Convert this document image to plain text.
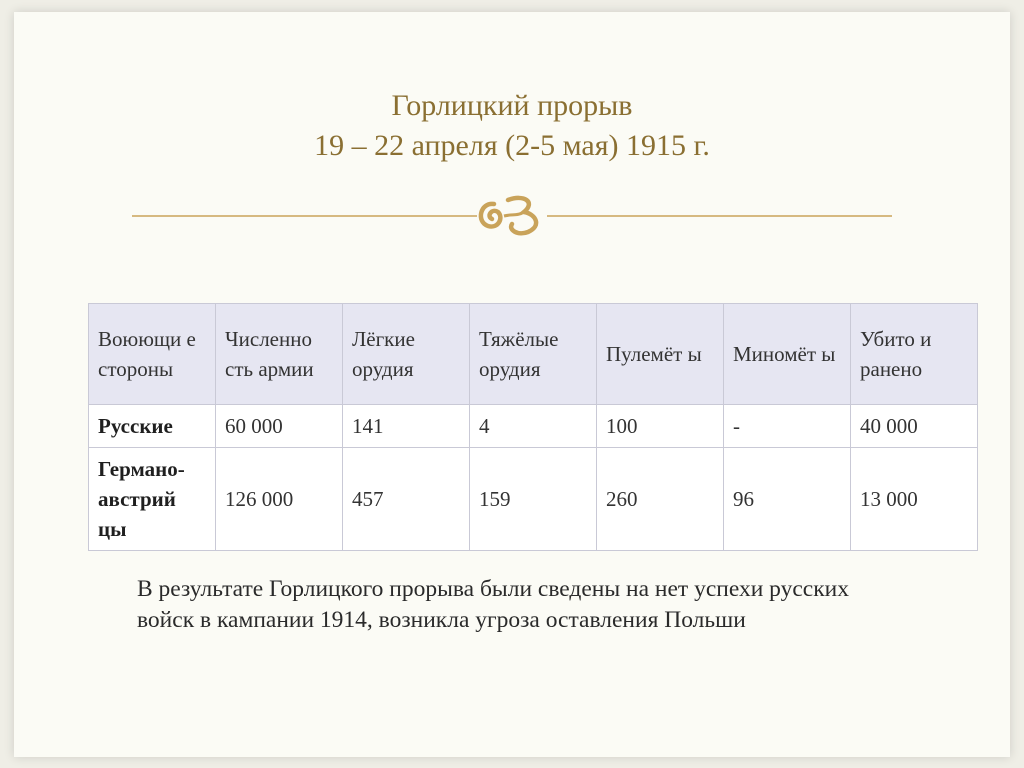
Горлицкий прорыв
19 – 22 апреля (2-5 мая) 1915 г.
Воюющи е стороны	Численно сть армии	Лёгкие орудия	Тяжёлые орудия	Пулемёт ы	Миномёт ы	Убито и ранено
Русские	60 000	141	4	100	-	40 000
Германо- австрий цы	126 000	457	159	260	96	13 000
В результате Горлицкого прорыва были сведены на нет успехи русских войск в кампании 1914, возникла угроза оставления Польши
